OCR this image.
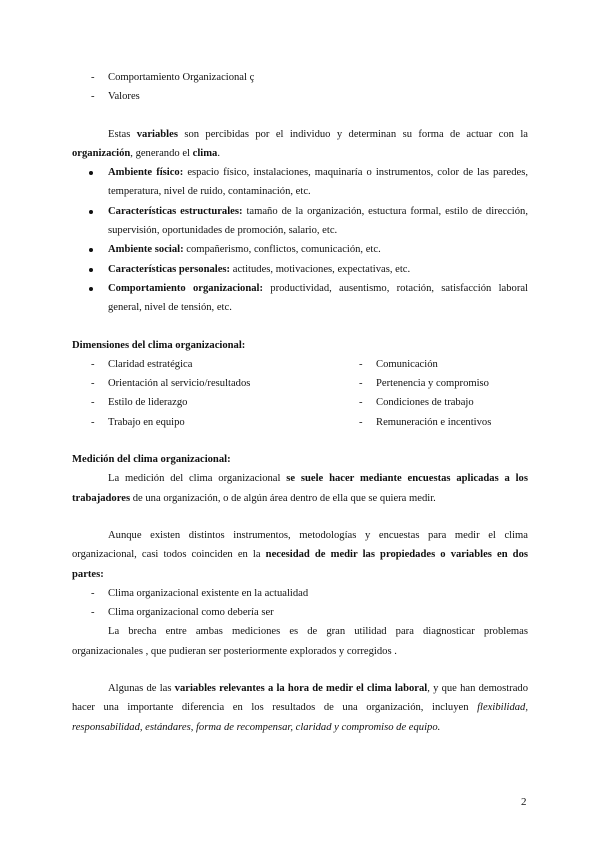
- Comportamiento Organizacional ç
- Valores

Estas variables son percibidas por el individuo y determinan su forma de actuar con la organización, generando el clima.

Ambiente físico: espacio físico, instalaciones, maquinaría o instrumentos, color de las paredes, temperatura, nivel de ruido, contaminación, etc.
Características estructurales: tamaño de la organización, estuctura formal, estilo de dirección, supervisión, oportunidades de promoción, salario, etc.
Ambiente social: compañerismo, conflictos, comunicación, etc.
Características personales: actitudes, motivaciones, expectativas, etc.
Comportamiento organizacional: productividad, ausentismo, rotación, satisfacción laboral general, nivel de tensión, etc.
Dimensiones del clima organizacional:
- Claridad estratégica
- Orientación al servicio/resultados
- Estilo de liderazgo
- Trabajo en equipo
- Comunicación
- Pertenencia y compromiso
- Condiciones de trabajo
- Remuneración e incentivos
Medición del clima organizacional:

La medición del clima organizacional se suele hacer mediante encuestas aplicadas a los trabajadores de una organización, o de algún área dentro de ella que se quiera medir.

Aunque existen distintos instrumentos, metodologías y encuestas para medir el clima organizacional, casi todos coinciden en la necesidad de medir las propiedades o variables en dos partes:

- Clima organizacional existente en la actualidad
- Clima organizacional como debería ser

La brecha entre ambas mediciones es de gran utilidad para diagnosticar problemas organizacionales , que pudieran ser posteriormente explorados y corregidos .

Algunas de las variables relevantes a la hora de medir el clima laboral, y que han demostrado hacer una importante diferencia en los resultados de una organización, incluyen flexibilidad, responsabilidad, estándares, forma de recompensar, claridad y compromiso de equipo.

2
